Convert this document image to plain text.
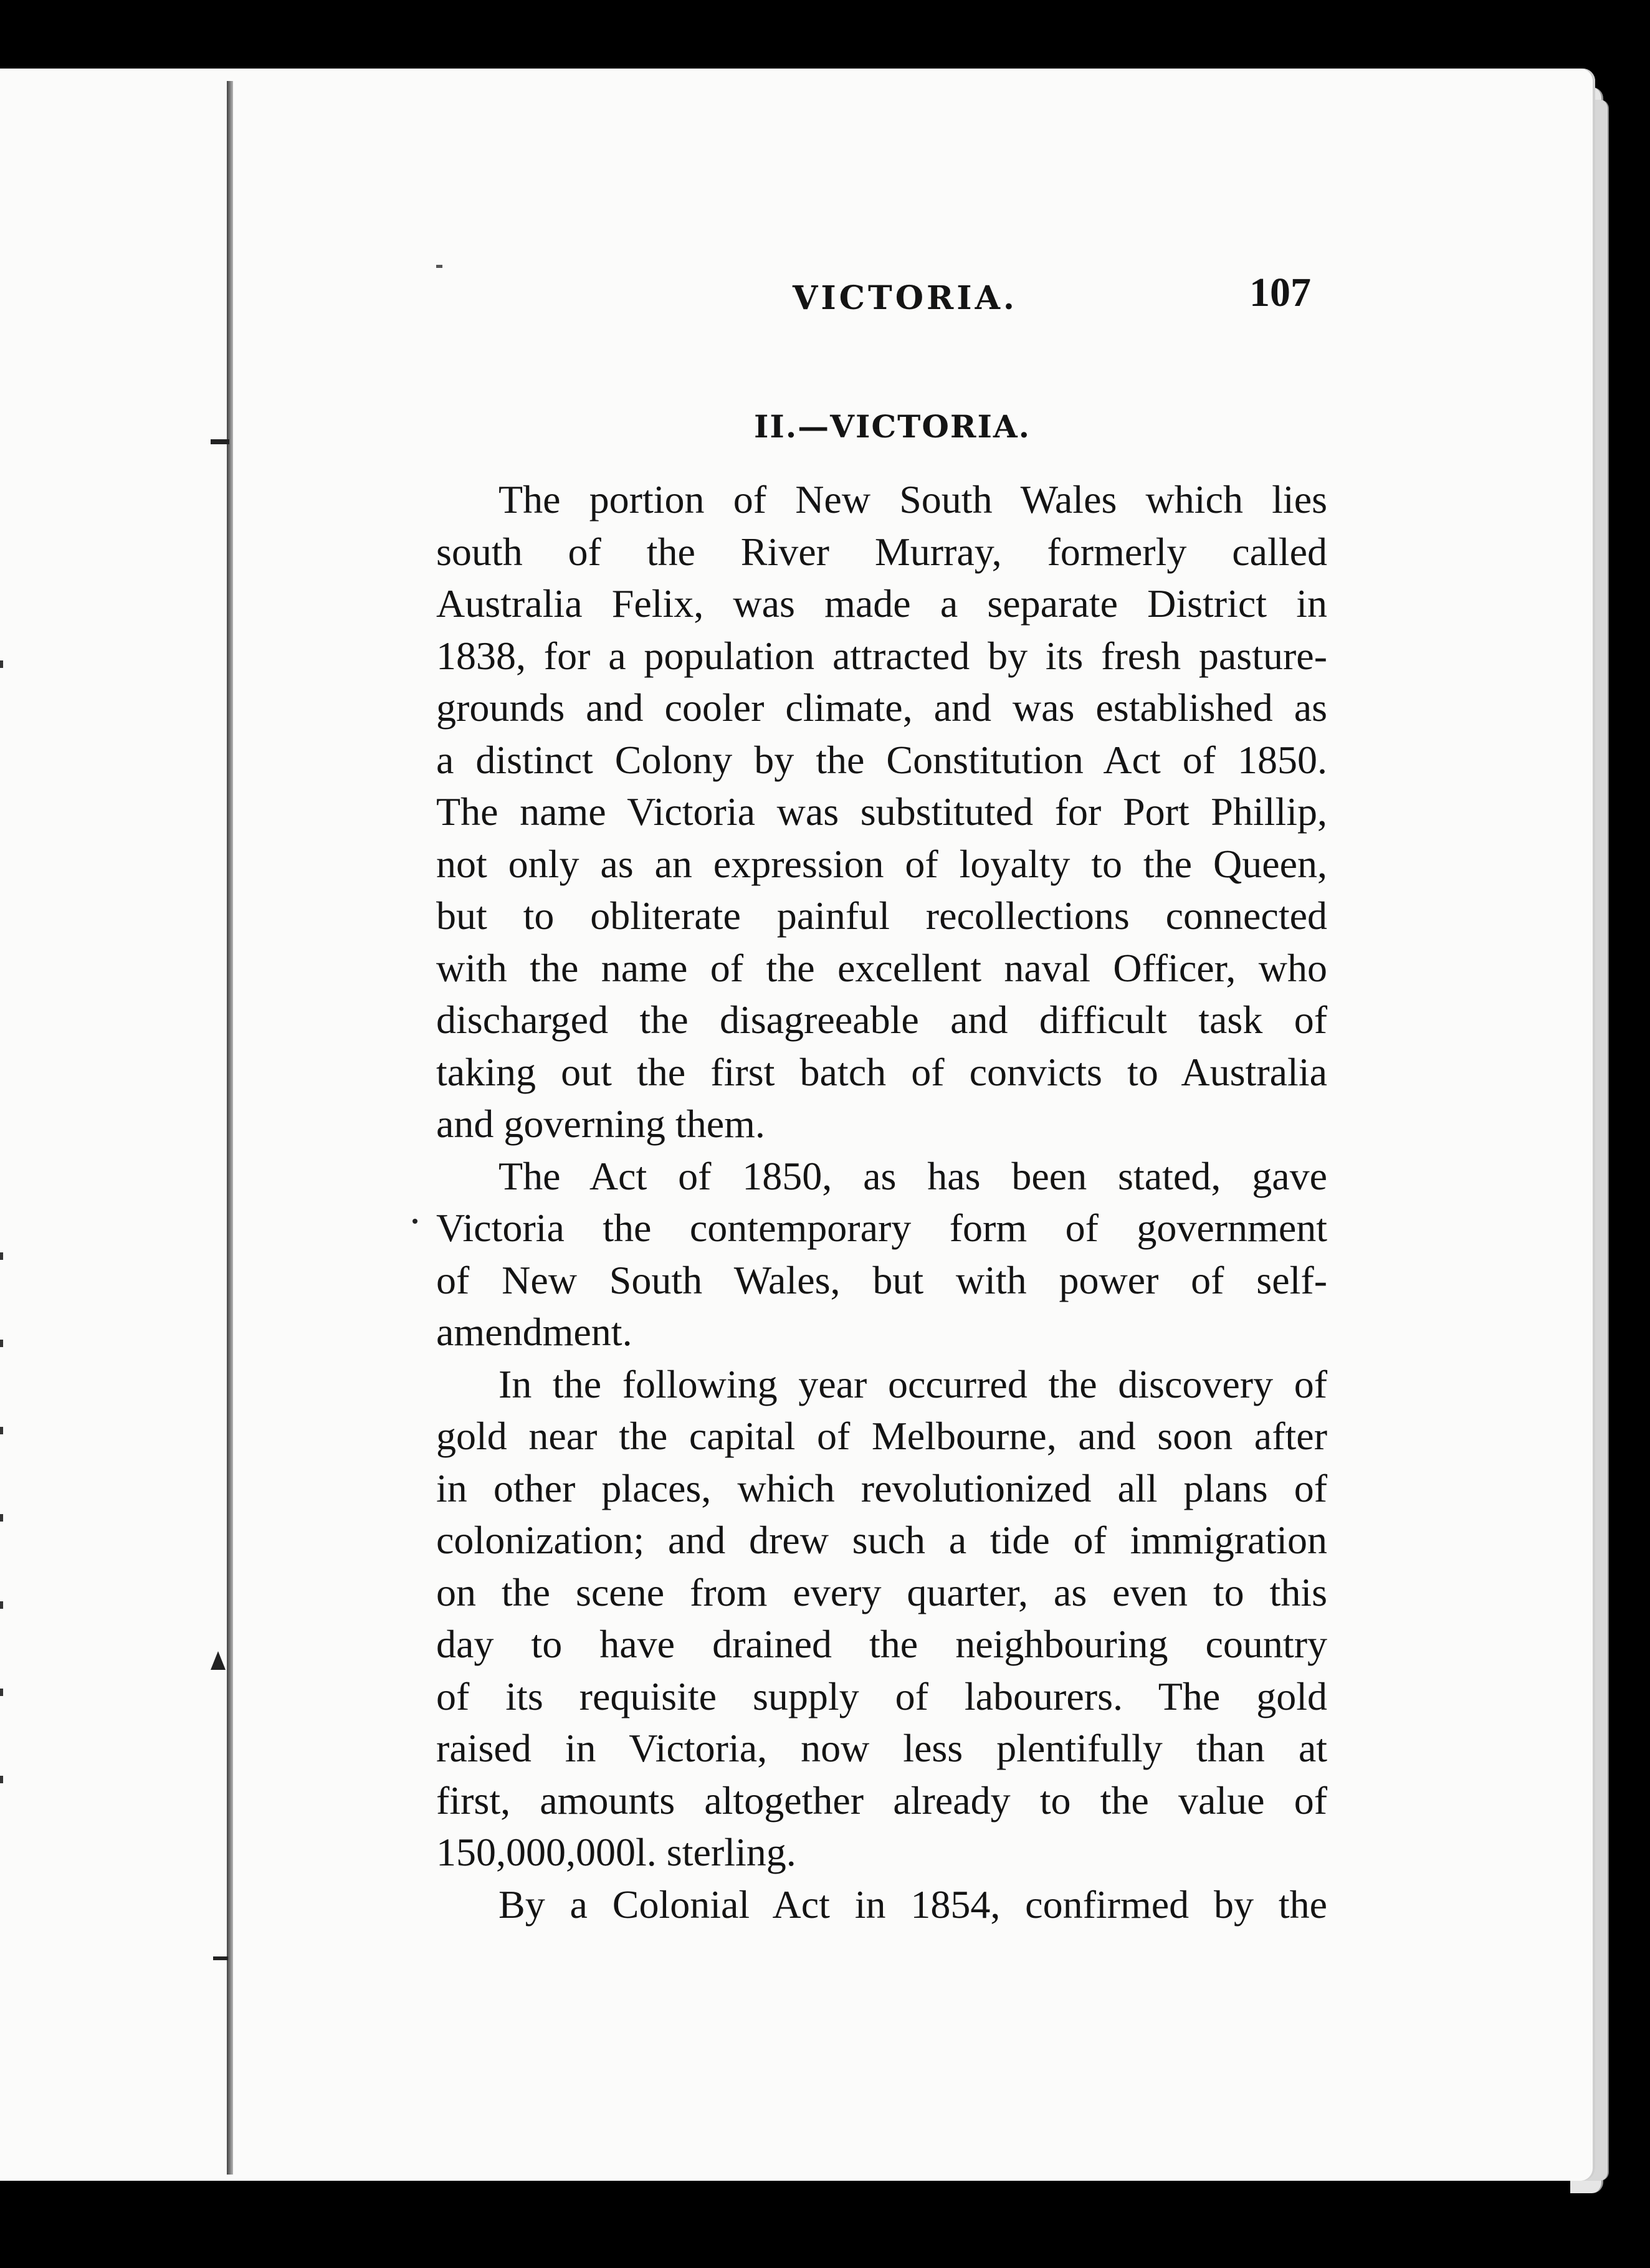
VICTORIA.	107
II.—VICTORIA.
The portion of New South Wales which lies
south of the River Murray, formerly called
Australia Felix, was made a separate District in
1838, for a population attracted by its fresh pasture-
grounds and cooler climate, and was established as
a distinct Colony by the Constitution Act of 1850.
The name Victoria was substituted for Port Phillip,
not only as an expression of loyalty to the Queen,
but to obliterate painful recollections connected
with the name of the excellent naval Officer, who
discharged the disagreeable and difficult task of
taking out the first batch of convicts to Australia
and governing them.
The Act of 1850, as has been stated, gave
Victoria the contemporary form of government
of New South Wales, but with power of self-
amendment.
In the following year occurred the discovery of
gold near the capital of Melbourne, and soon after
in other places, which revolutionized all plans of
colonization; and drew such a tide of immigration
on the scene from every quarter, as even to this
day to have drained the neighbouring country
of its requisite supply of labourers. The gold
raised in Victoria, now less plentifully than at
first, amounts altogether already to the value of
150,000,000l. sterling.
By a Colonial Act in 1854, confirmed by the
